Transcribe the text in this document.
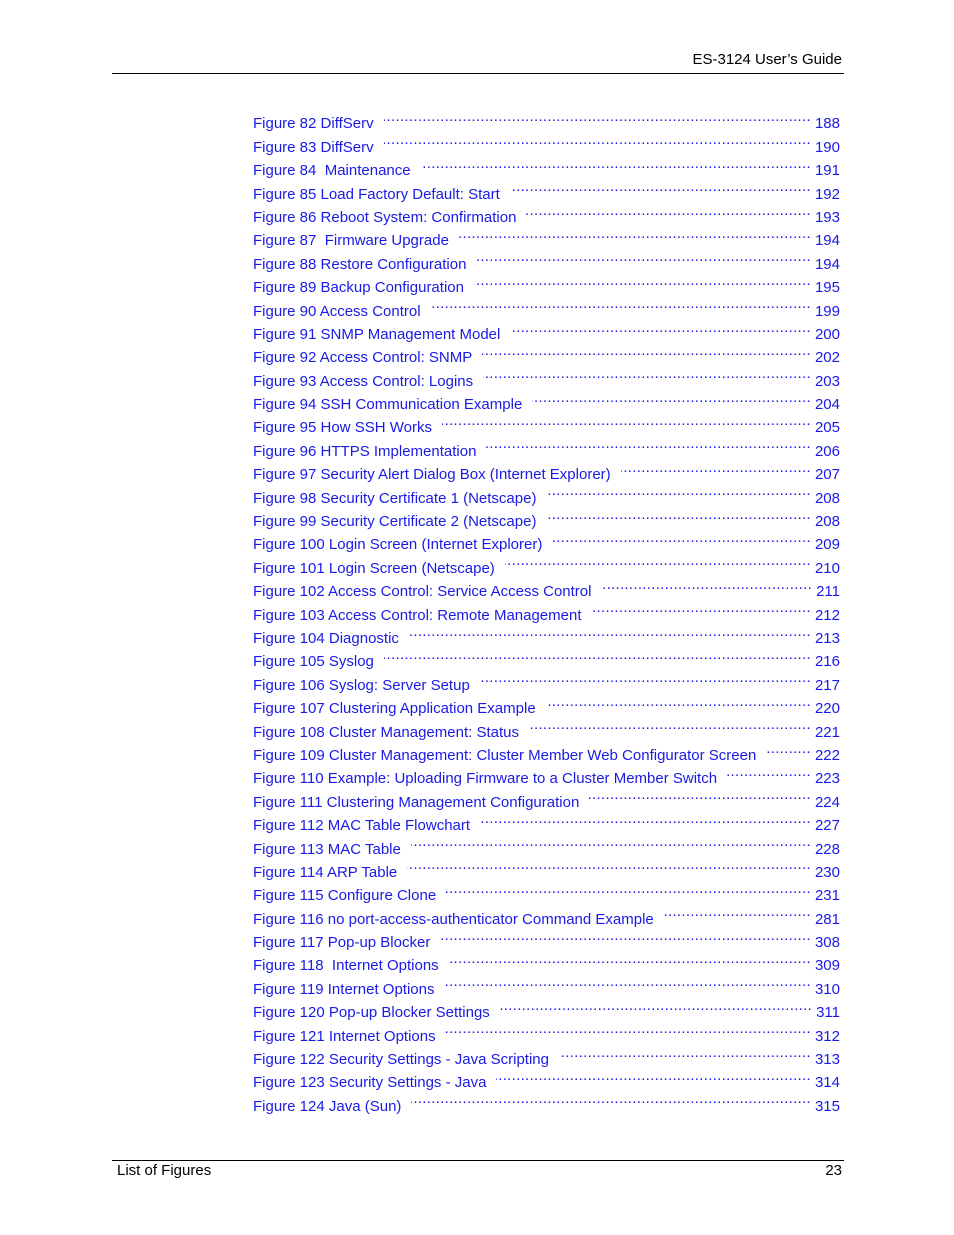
ES-3124 User’s Guide
Figure 82 DiffServ .....	188
Figure 83 DiffServ .....	190
Figure 84  Maintenance .....	191
Figure 85 Load Factory Default: Start .....	192
Figure 86 Reboot System: Confirmation .....	193
Figure 87  Firmware Upgrade .....	194
Figure 88 Restore Configuration .....	194
Figure 89 Backup Configuration .....	195
Figure 90 Access Control .....	199
Figure 91 SNMP Management Model .....	200
Figure 92 Access Control: SNMP .....	202
Figure 93 Access Control: Logins .....	203
Figure 94 SSH Communication Example .....	204
Figure 95 How SSH Works .....	205
Figure 96 HTTPS Implementation .....	206
Figure 97 Security Alert Dialog Box (Internet Explorer) .....	207
Figure 98 Security Certificate 1 (Netscape) .....	208
Figure 99 Security Certificate 2 (Netscape) .....	208
Figure 100 Login Screen (Internet Explorer) .....	209
Figure 101 Login Screen (Netscape) .....	210
Figure 102 Access Control: Service Access Control .....	211
Figure 103 Access Control: Remote Management .....	212
Figure 104 Diagnostic .....	213
Figure 105 Syslog .....	216
Figure 106 Syslog: Server Setup .....	217
Figure 107 Clustering Application Example .....	220
Figure 108 Cluster Management: Status .....	221
Figure 109 Cluster Management: Cluster Member Web Configurator Screen .....	222
Figure 110 Example: Uploading Firmware to a Cluster Member Switch .....	223
Figure 111 Clustering Management Configuration .....	224
Figure 112 MAC Table Flowchart .....	227
Figure 113 MAC Table .....	228
Figure 114 ARP Table .....	230
Figure 115 Configure Clone .....	231
Figure 116 no port-access-authenticator Command Example .....	281
Figure 117 Pop-up Blocker .....	308
Figure 118  Internet Options .....	309
Figure 119 Internet Options .....	310
Figure 120 Pop-up Blocker Settings .....	311
Figure 121 Internet Options .....	312
Figure 122 Security Settings - Java Scripting .....	313
Figure 123 Security Settings - Java .....	314
Figure 124 Java (Sun) .....	315
List of Figures	23
